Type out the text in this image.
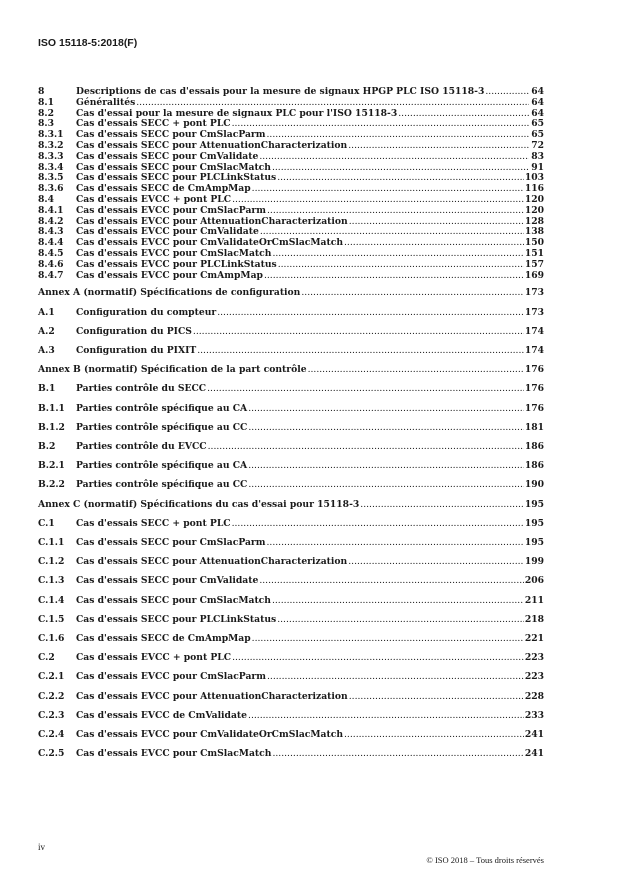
ISO 15118-5:2018(F)
8	Descriptions de cas d'essais pour la mesure de signaux HPGP PLC ISO 15118-3 .....	64
8.1	Généralités .....	64
8.2	Cas d'essai pour la mesure de signaux PLC pour l'ISO 15118-3 .....	64
8.3	Cas d'essais SECC + pont PLC .....	65
8.3.1	Cas d'essais SECC pour CmSlacParm .....	65
8.3.2	Cas d'essais SECC pour AttenuationCharacterization .....	72
8.3.3	Cas d'essais SECC pour CmValidate .....	83
8.3.4	Cas d'essais SECC pour CmSlacMatch .....	91
8.3.5	Cas d'essais SECC pour PLCLinkStatus .....	103
8.3.6	Cas d'essais SECC de CmAmpMap .....	116
8.4	Cas d'essais EVCC + pont PLC .....	120
8.4.1	Cas d'essais EVCC pour CmSlacParm .....	120
8.4.2	Cas d'essais EVCC pour AttenuationCharacterization .....	128
8.4.3	Cas d'essais EVCC pour CmValidate .....	138
8.4.4	Cas d'essais EVCC pour CmValidateOrCmSlacMatch .....	150
8.4.5	Cas d'essais EVCC pour CmSlacMatch .....	151
8.4.6	Cas d'essais EVCC pour PLCLinkStatus .....	157
8.4.7	Cas d'essais EVCC pour CmAmpMap .....	169
Annex A (normatif) Spécifications de configuration .....	173
A.1	Configuration du compteur .....	173
A.2	Configuration du PICS .....	174
A.3	Configuration du PIXIT .....	174
Annex B (normatif) Spécification de la part contrôle .....	176
B.1	Parties contrôle du SECC .....	176
B.1.1	Parties contrôle spécifique au CA .....	176
B.1.2	Parties contrôle spécifique au CC .....	181
B.2	Parties contrôle du EVCC .....	186
B.2.1	Parties contrôle spécifique au CA .....	186
B.2.2	Parties contrôle spécifique au CC .....	190
Annex C (normatif) Spécifications du cas d'essai pour 15118-3 .....	195
C.1	Cas d'essais SECC + pont PLC .....	195
C.1.1	Cas d'essais SECC pour CmSlacParm .....	195
C.1.2	Cas d'essais SECC pour AttenuationCharacterization .....	199
C.1.3	Cas d'essais SECC pour CmValidate .....	206
C.1.4	Cas d'essais SECC pour CmSlacMatch .....	211
C.1.5	Cas d'essais SECC pour PLCLinkStatus .....	218
C.1.6	Cas d'essais SECC de CmAmpMap .....	221
C.2	Cas d'essais EVCC + pont PLC .....	223
C.2.1	Cas d'essais EVCC pour CmSlacParm .....	223
C.2.2	Cas d'essais EVCC pour AttenuationCharacterization .....	228
C.2.3	Cas d'essais EVCC de CmValidate .....	233
C.2.4	Cas d'essais EVCC pour CmValidateOrCmSlacMatch .....	241
C.2.5	Cas d'essais EVCC pour CmSlacMatch .....	241
iv
© ISO 2018 – Tous droits réservés
